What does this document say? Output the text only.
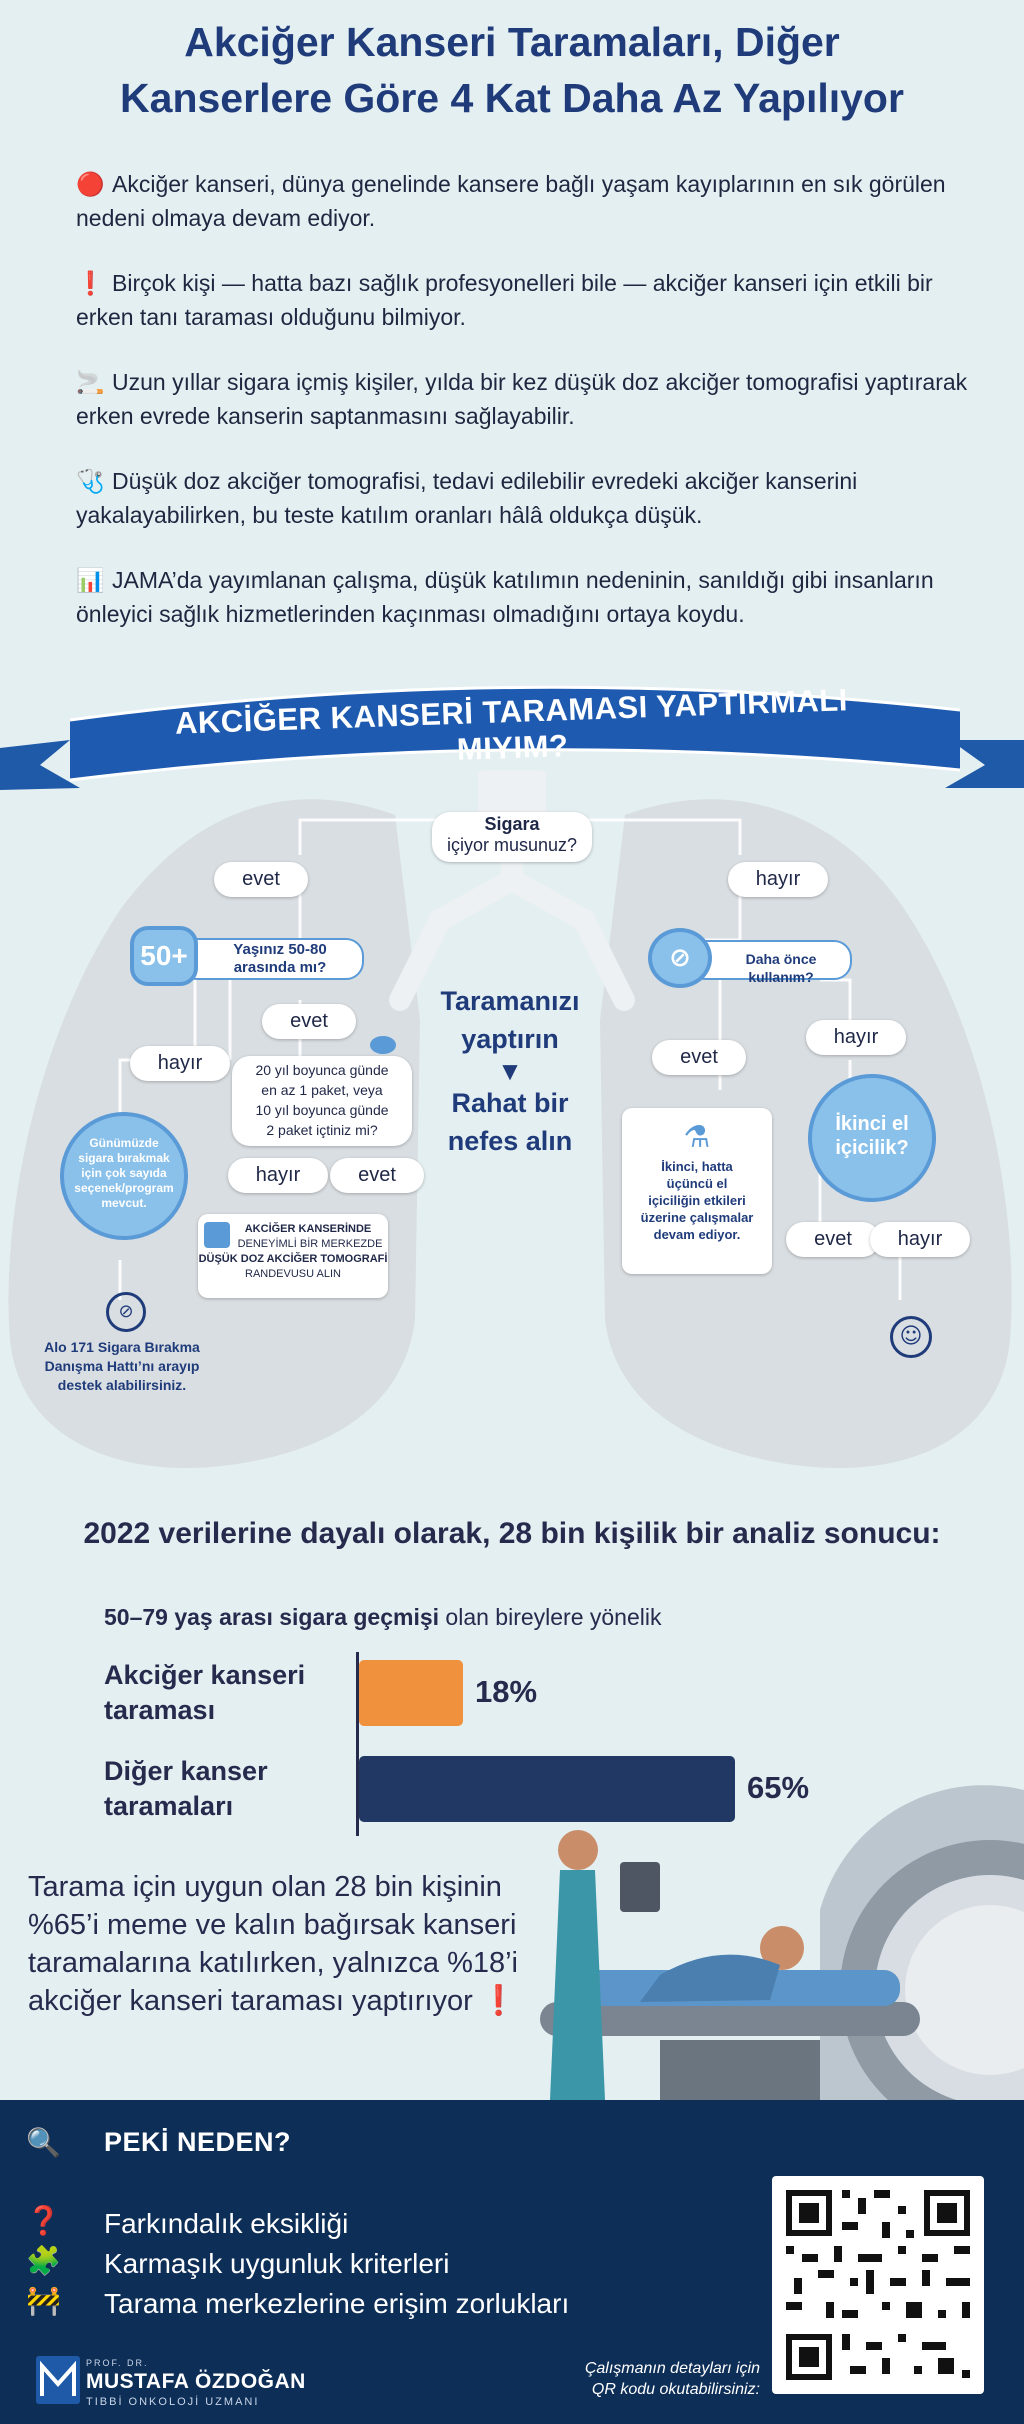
Akciğer Kanseri Taramaları, Diğer
Kanserlere Göre 4 Kat Daha Az Yapılıyor
🔴 Akciğer kanseri, dünya genelinde kansere bağlı yaşam kayıplarının en sık görülen nedeni olmaya devam ediyor.
❗ Birçok kişi — hatta bazı sağlık profesyonelleri bile — akciğer kanseri için etkili bir erken tanı taraması olduğunu bilmiyor.
🚬 Uzun yıllar sigara içmiş kişiler, yılda bir kez düşük doz akciğer tomografisi yaptırarak erken evrede kanserin saptanmasını sağlayabilir.
🩺 Düşük doz akciğer tomografisi, tedavi edilebilir evredeki akciğer kanserini yakalayabilirken, bu teste katılım oranları hâlâ oldukça düşük.
📊 JAMA’da yayımlanan çalışma, düşük katılımın nedeninin, sanıldığı gibi insanların önleyici sağlık hizmetlerinden kaçınması olmadığını ortaya koydu.
AKCİĞER KANSERİ TARAMASI YAPTIRMALI MIYIM?
Sigara
içiyor musunuz?
evet	hayır
50+	Yaşınız 50-80
arasında mı?
evet
hayır	20 yıl boyunca günde
en az 1 paket, veya
10 yıl boyunca günde
2 paket içtiniz mi?
hayır	evet
Günümüzde
sigara bırakmak
için çok sayıda
seçenek/program
mevcut.
⊘
Alo 171 Sigara Bırakma
Danışma Hattı’nı arayıp
destek alabilirsiniz.
AKCİĞER KANSERİNDE
DENEYİMLİ BİR MERKEZDE
DÜŞÜK DOZ AKCİĞER TOMOGRAFİ
RANDEVUSU ALIN
Taramanızı
yaptırın
▼
Rahat bir
nefes alın
⊘	Daha önce kullanım?
evet
hayır
İkinci el
içicilik?
⚗
İkinci, hatta
üçüncü el
içiciliğin etkileri
üzerine çalışmalar
devam ediyor.	evet	hayır
☺
2022 verilerine dayalı olarak, 28 bin kişilik bir analiz sonucu:
50–79 yaş arası sigara geçmişi olan bireylere yönelik
Akciğer kanseri
taraması
18%
Diğer kanser
taramaları
65%
Tarama için uygun olan 28 bin kişinin %65’i meme ve kalın bağırsak kanseri taramalarına katılırken, yalnızca %18’i akciğer kanseri taraması yaptırıyor ❗
🔍 PEKİ NEDEN?
❓ Farkındalık eksikliği
🧩 Karmaşık uygunluk kriterleri
🚧 Tarama merkezlerine erişim zorlukları
Çalışmanın detayları için
QR kodu okutabilirsiniz:
PROF. DR.
MUSTAFA ÖZDOĞAN
TIBBİ ONKOLOJİ UZMANI
